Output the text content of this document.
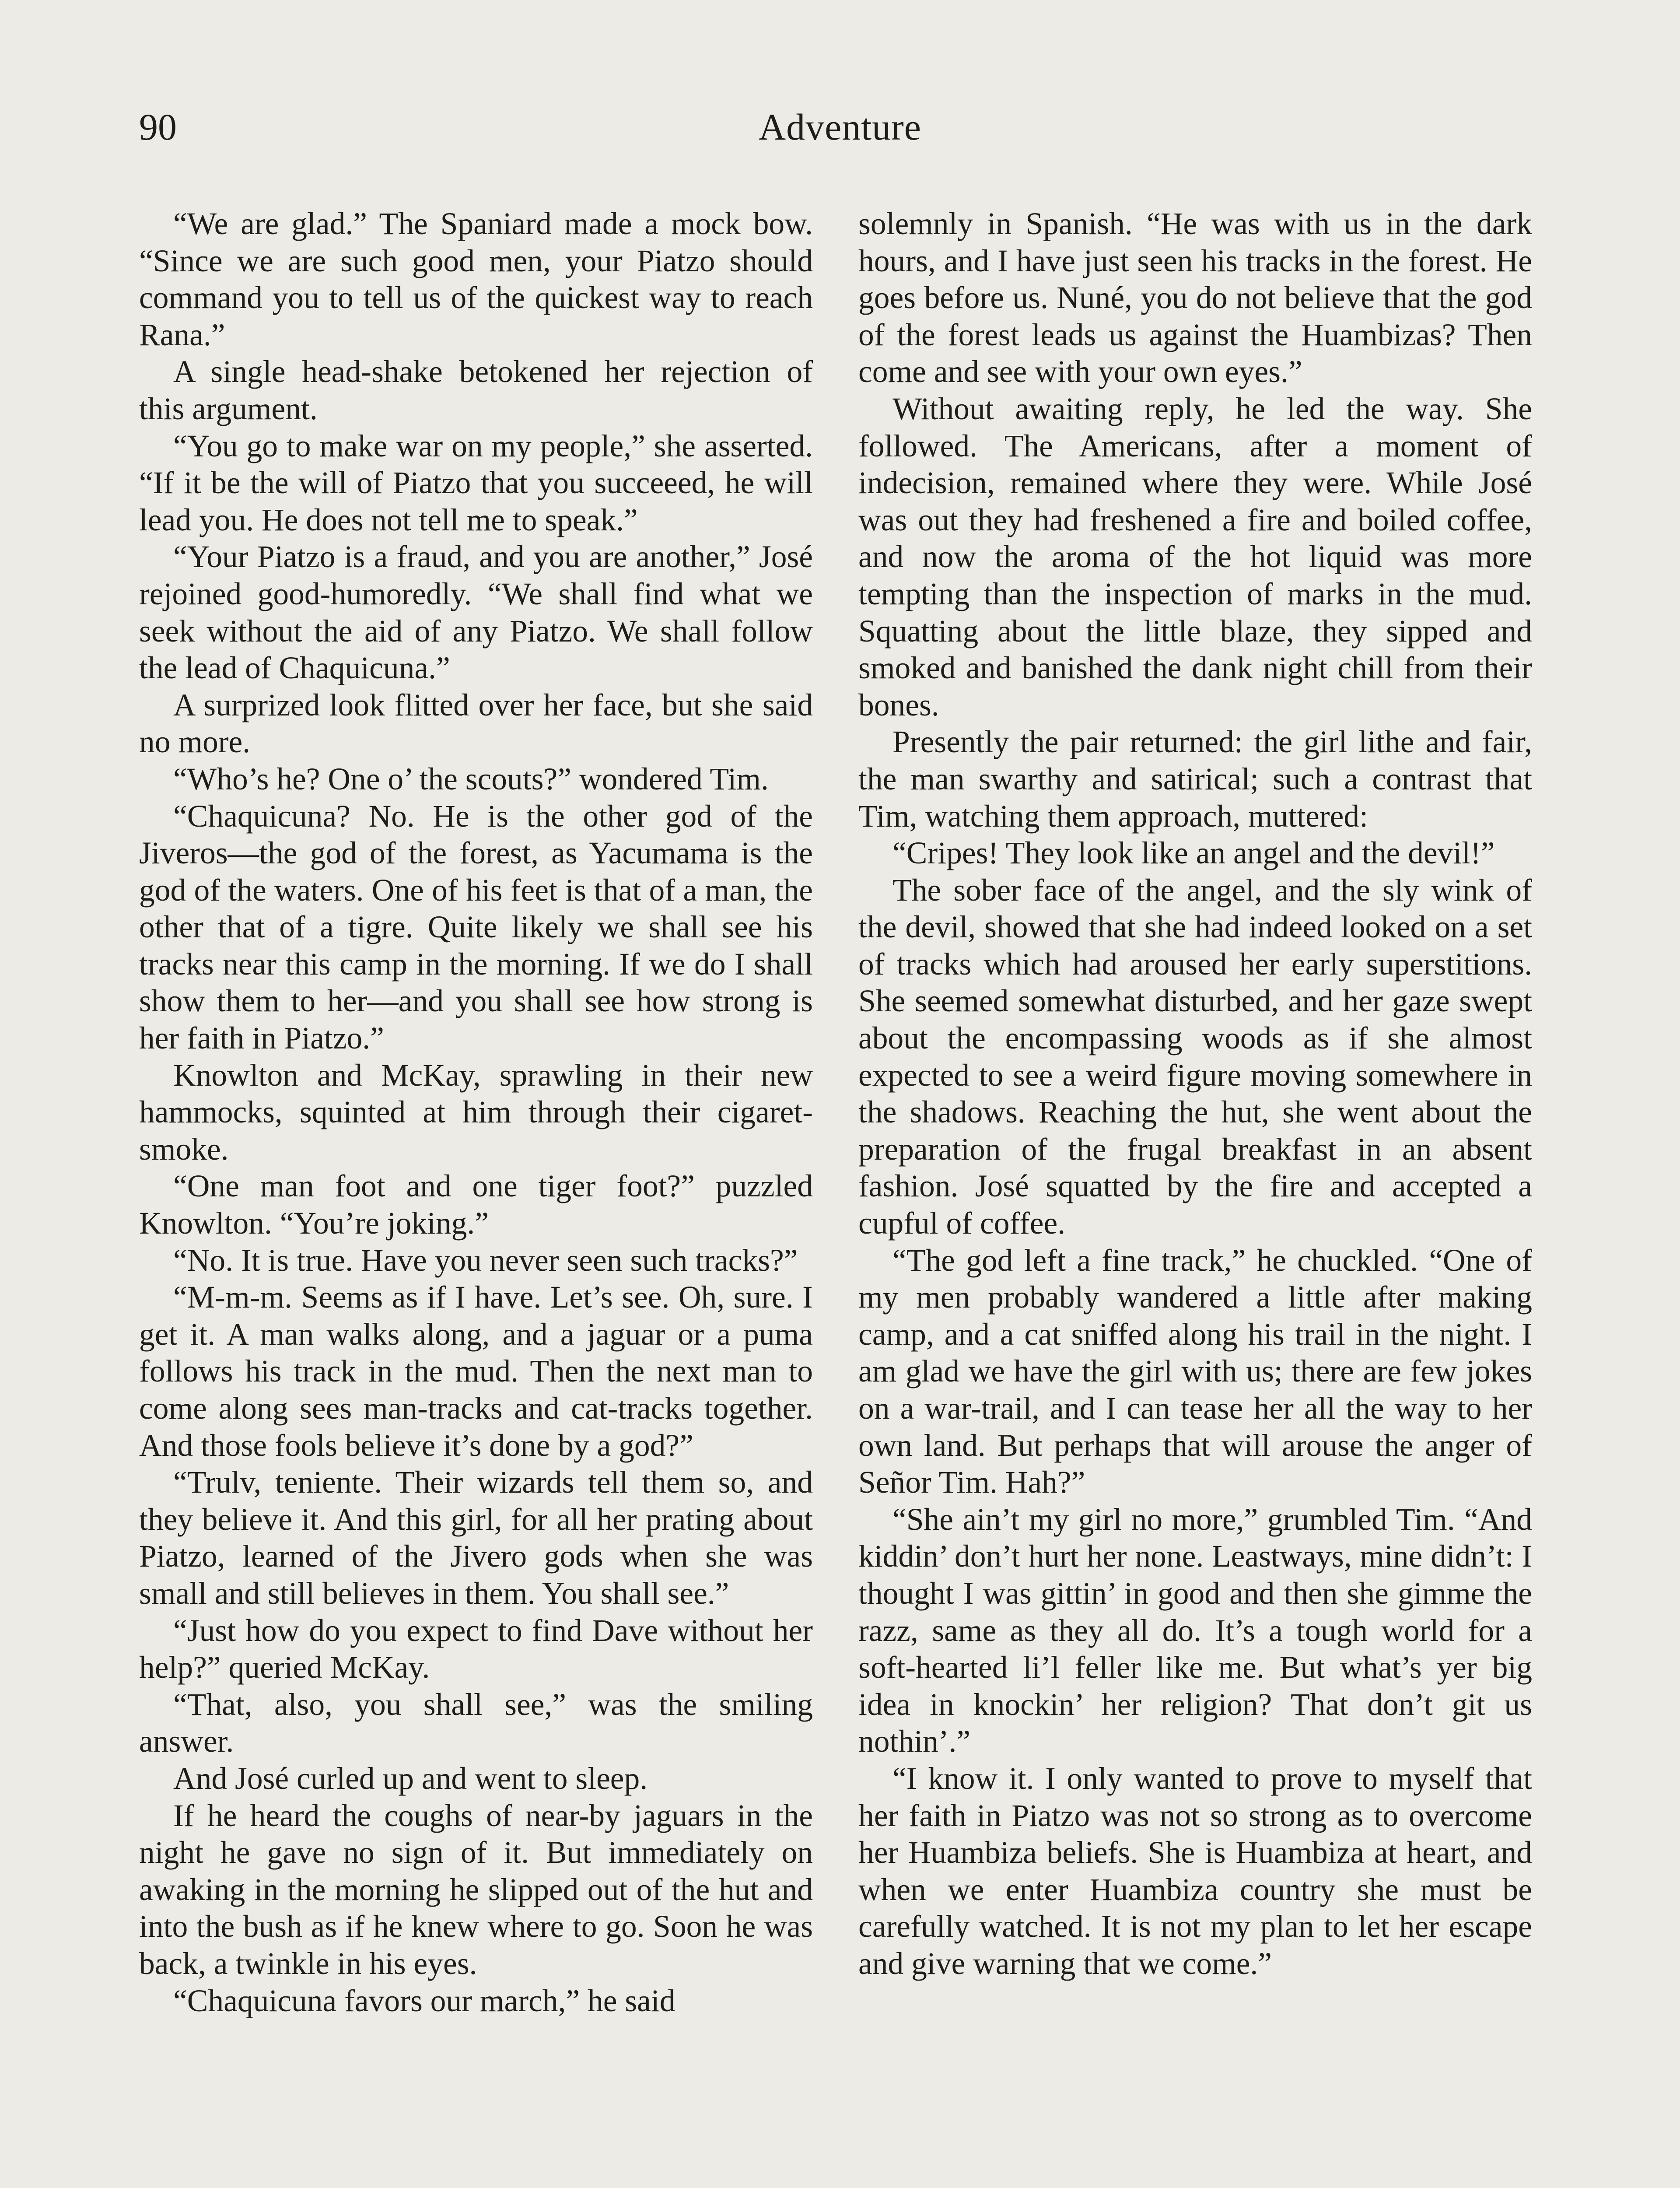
90	Adventure

“We are glad.” The Spaniard made a mock bow. “Since we are such good men, your Piatzo should command you to tell us of the quickest way to reach Rana.”

A single head-shake betokened her rejection of this argument.

“You go to make war on my people,” she asserted. “If it be the will of Piatzo that you succeeed, he will lead you. He does not tell me to speak.”

“Your Piatzo is a fraud, and you are another,” José rejoined good-humoredly. “We shall find what we seek without the aid of any Piatzo. We shall follow the lead of Chaquicuna.”

A surprized look flitted over her face, but she said no more.

“Who’s he? One o’ the scouts?” wondered Tim.

“Chaquicuna? No. He is the other god of the Jiveros—the god of the forest, as Yacumama is the god of the waters. One of his feet is that of a man, the other that of a tigre. Quite likely we shall see his tracks near this camp in the morning. If we do I shall show them to her—and you shall see how strong is her faith in Piatzo.”

Knowlton and McKay, sprawling in their new hammocks, squinted at him through their cigaret-smoke.

“One man foot and one tiger foot?” puzzled Knowlton. “You’re joking.”

“No. It is true. Have you never seen such tracks?”

“M-m-m. Seems as if I have. Let’s see. Oh, sure. I get it. A man walks along, and a jaguar or a puma follows his track in the mud. Then the next man to come along sees man-tracks and cat-tracks together. And those fools believe it’s done by a god?”

“Trulv, teniente. Their wizards tell them so, and they believe it. And this girl, for all her prating about Piatzo, learned of the Jivero gods when she was small and still believes in them. You shall see.”

“Just how do you expect to find Dave without her help?” queried McKay.

“That, also, you shall see,” was the smiling answer.

And José curled up and went to sleep.

If he heard the coughs of near-by jaguars in the night he gave no sign of it. But immediately on awaking in the morning he slipped out of the hut and into the bush as if he knew where to go. Soon he was back, a twinkle in his eyes.

“Chaquicuna favors our march,” he said

solemnly in Spanish. “He was with us in the dark hours, and I have just seen his tracks in the forest. He goes before us. Nuné, you do not believe that the god of the forest leads us against the Huambizas? Then come and see with your own eyes.”

Without awaiting reply, he led the way. She followed. The Americans, after a moment of indecision, remained where they were. While José was out they had freshened a fire and boiled coffee, and now the aroma of the hot liquid was more tempting than the inspection of marks in the mud. Squatting about the little blaze, they sipped and smoked and banished the dank night chill from their bones.

Presently the pair returned: the girl lithe and fair, the man swarthy and satirical; such a contrast that Tim, watching them approach, muttered:

“Cripes! They look like an angel and the devil!”

The sober face of the angel, and the sly wink of the devil, showed that she had indeed looked on a set of tracks which had aroused her early superstitions. She seemed somewhat disturbed, and her gaze swept about the encompassing woods as if she almost expected to see a weird figure moving somewhere in the shadows. Reaching the hut, she went about the preparation of the frugal breakfast in an absent fashion. José squatted by the fire and accepted a cupful of coffee.

“The god left a fine track,” he chuckled. “One of my men probably wandered a little after making camp, and a cat sniffed along his trail in the night. I am glad we have the girl with us; there are few jokes on a war-trail, and I can tease her all the way to her own land. But perhaps that will arouse the anger of Señor Tim. Hah?”

“She ain’t my girl no more,” grumbled Tim. “And kiddin’ don’t hurt her none. Leastways, mine didn’t: I thought I was gittin’ in good and then she gimme the razz, same as they all do. It’s a tough world for a soft-hearted li’l feller like me. But what’s yer big idea in knockin’ her religion? That don’t git us nothin’.”

“I know it. I only wanted to prove to myself that her faith in Piatzo was not so strong as to overcome her Huambiza beliefs. She is Huambiza at heart, and when we enter Huambiza country she must be carefully watched. It is not my plan to let her escape and give warning that we come.”
